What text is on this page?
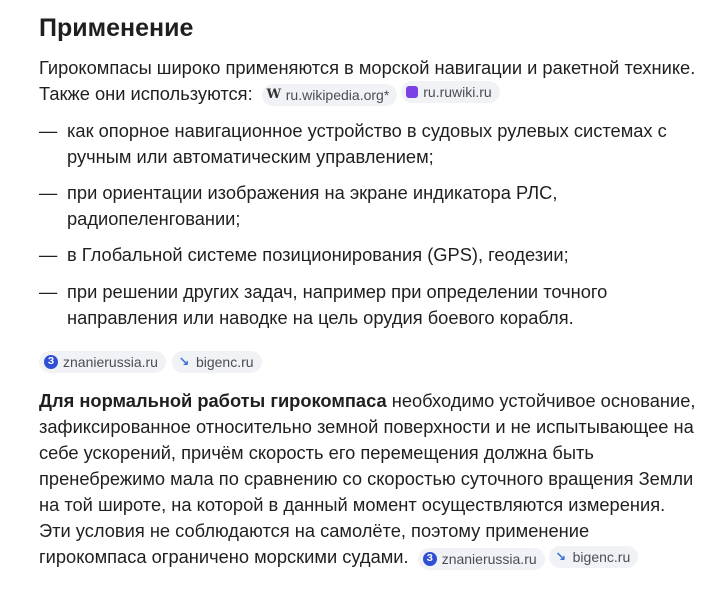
Применение

Гирокомпасы широко применяются в морской навигации и ракетной технике. Также они используются: W ru.wikipedia.org* ru.ruwiki.ru

— как опорное навигационное устройство в судовых рулевых системах с ручным или автоматическим управлением;
— при ориентации изображения на экране индикатора РЛС, радиопеленговании;
— в Глобальной системе позиционирования (GPS), геодезии;
— при решении других задач, например при определении точного направления или наводке на цель орудия боевого корабля.
З znanierussia.ru ↘ bigenc.ru

Для нормальной работы гирокомпаса необходимо устойчивое основание, зафиксированное относительно земной поверхности и не испытывающее на себе ускорений, причём скорость его перемещения должна быть пренебрежимо мала по сравнению со скоростью суточного вращения Земли на той широте, на которой в данный момент осуществляются измерения. Эти условия не соблюдаются на самолёте, поэтому применение гирокомпаса ограничено морскими судами.	З znanierussia.ru ↘ bigenc.ru
